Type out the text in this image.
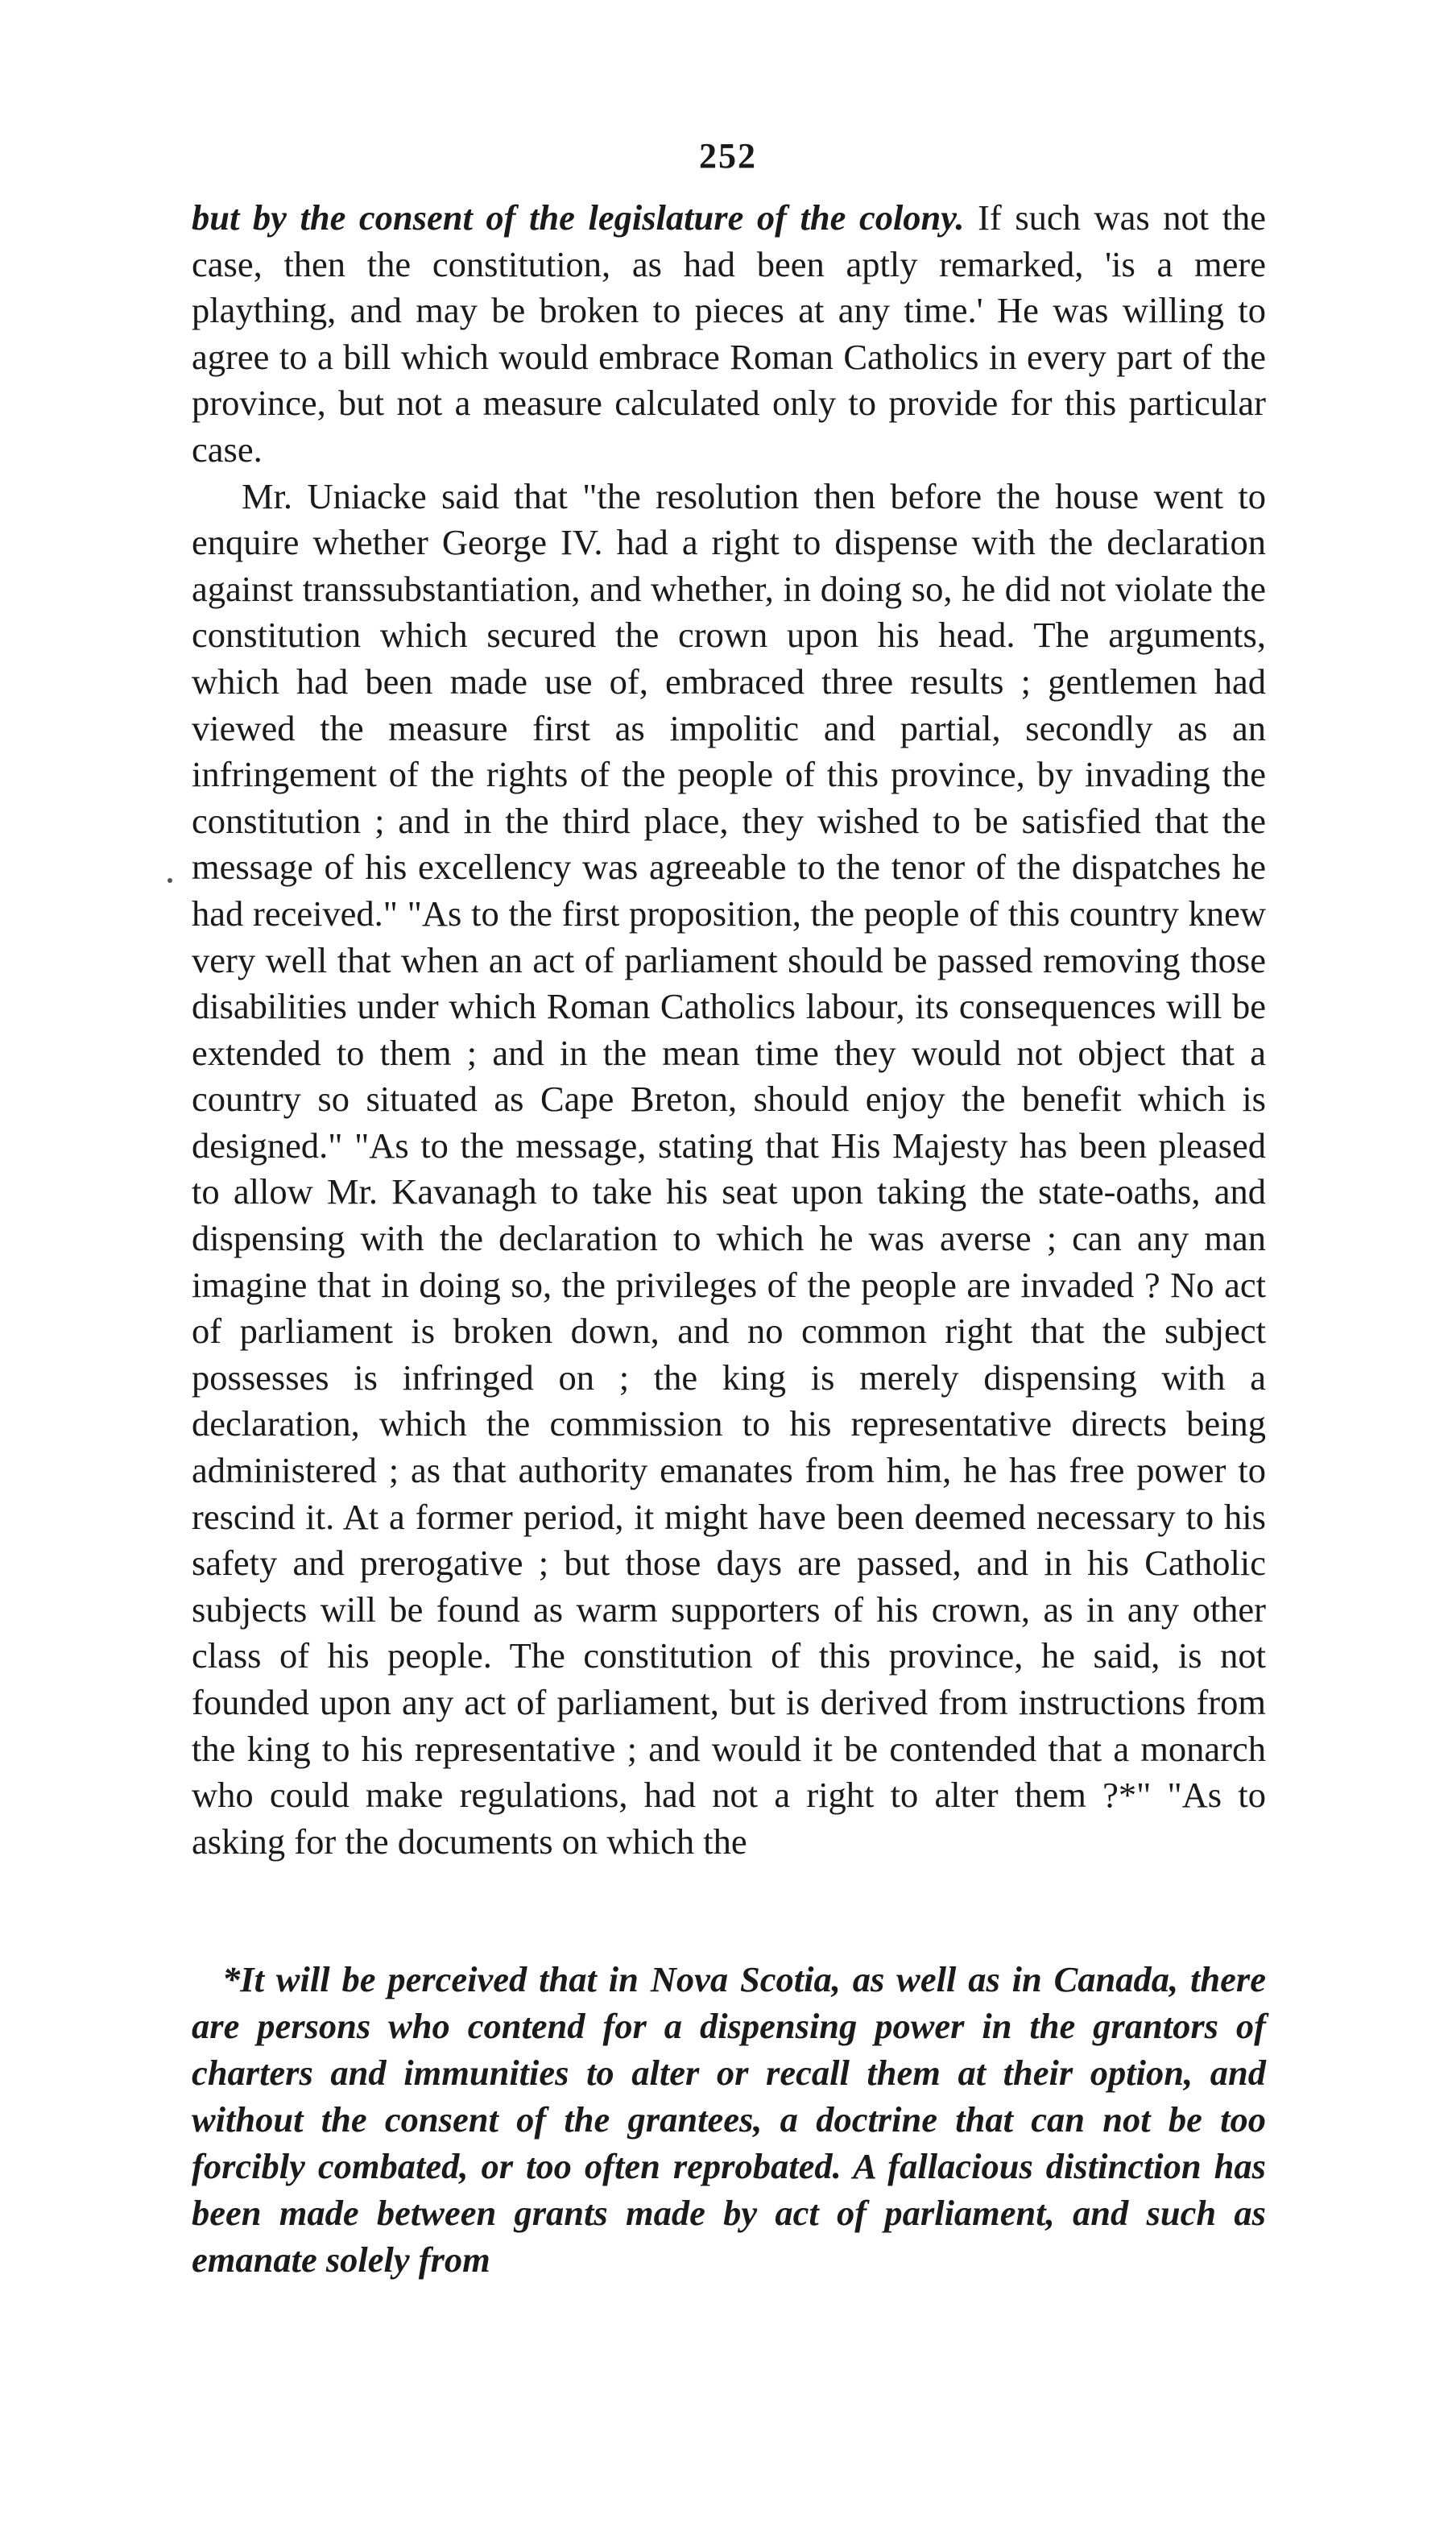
252

but by the consent of the legislature of the colony. If such was not the case, then the constitution, as had been aptly remarked, 'is a mere plaything, and may be broken to pieces at any time.' He was willing to agree to a bill which would embrace Roman Catholics in every part of the province, but not a measure calculated only to provide for this particular case.

Mr. Uniacke said that "the resolution then before the house went to enquire whether George IV. had a right to dispense with the declaration against transsubstantiation, and whether, in doing so, he did not violate the constitution which secured the crown upon his head. The arguments, which had been made use of, embraced three results ; gentlemen had viewed the measure first as impolitic and partial, secondly as an infringement of the rights of the people of this province, by invading the constitution ; and in the third place, they wished to be satisfied that the message of his excellency was agreeable to the tenor of the dispatches he had received." "As to the first proposition, the people of this country knew very well that when an act of parliament should be passed removing those disabilities under which Roman Catholics labour, its consequences will be extended to them ; and in the mean time they would not object that a country so situated as Cape Breton, should enjoy the benefit which is designed." "As to the message, stating that His Majesty has been pleased to allow Mr. Kavanagh to take his seat upon taking the state-oaths, and dispensing with the declaration to which he was averse ; can any man imagine that in doing so, the privileges of the people are invaded ? No act of parliament is broken down, and no common right that the subject possesses is infringed on ; the king is merely dispensing with a declaration, which the commission to his representative directs being administered ; as that authority emanates from him, he has free power to rescind it. At a former period, it might have been deemed necessary to his safety and prerogative ; but those days are passed, and in his Catholic subjects will be found as warm supporters of his crown, as in any other class of his people. The constitution of this province, he said, is not founded upon any act of parliament, but is derived from instructions from the king to his representative ; and would it be contended that a monarch who could make regulations, had not a right to alter them ?*" "As to asking for the documents on which the

*It will be perceived that in Nova Scotia, as well as in Canada, there are persons who contend for a dispensing power in the grantors of charters and immunities to alter or recall them at their option, and without the consent of the grantees, a doctrine that can not be too forcibly combated, or too often reprobated. A fallacious distinction has been made between grants made by act of parliament, and such as emanate solely from
